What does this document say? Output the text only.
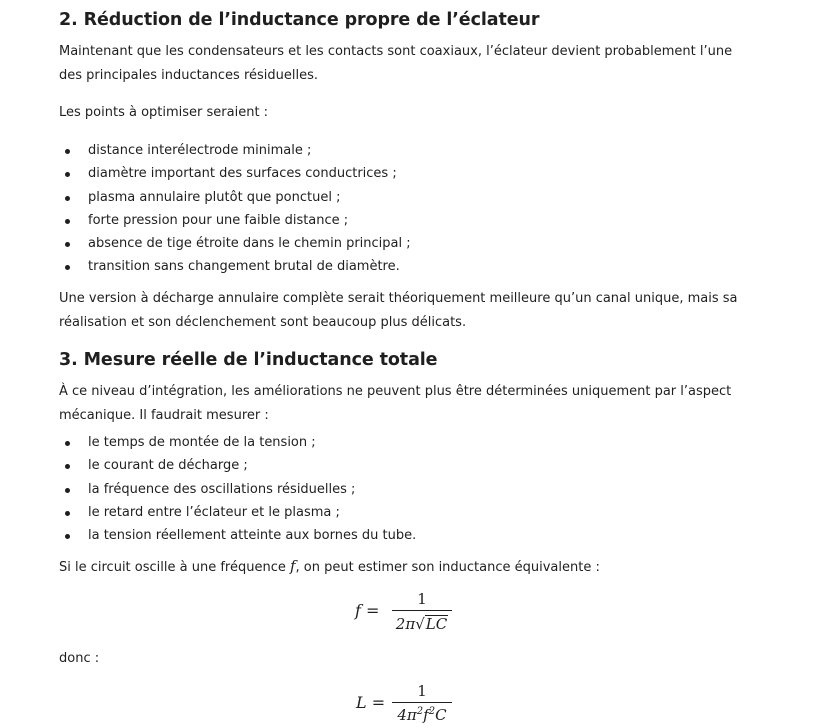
2. Réduction de l’inductance propre de l’éclateur

Maintenant que les condensateurs et les contacts sont coaxiaux, l’éclateur devient probablement l’une des principales inductances résiduelles.

Les points à optimiser seraient :

distance interélectrode minimale ;
diamètre important des surfaces conductrices ;
plasma annulaire plutôt que ponctuel ;
forte pression pour une faible distance ;
absence de tige étroite dans le chemin principal ;
transition sans changement brutal de diamètre.

Une version à décharge annulaire complète serait théoriquement meilleure qu’un canal unique, mais sa réalisation et son déclenchement sont beaucoup plus délicats.

3. Mesure réelle de l’inductance totale

À ce niveau d’intégration, les améliorations ne peuvent plus être déterminées uniquement par l’aspect mécanique. Il faudrait mesurer :

le temps de montée de la tension ;
le courant de décharge ;
la fréquence des oscillations résiduelles ;
le retard entre l’éclateur et le plasma ;
la tension réellement atteinte aux bornes du tube.

Si le circuit oscille à une fréquence f, on peut estimer son inductance équivalente :

donc :

f =
1
2π√LC
L =
1
$4\pi^2f^2C$
